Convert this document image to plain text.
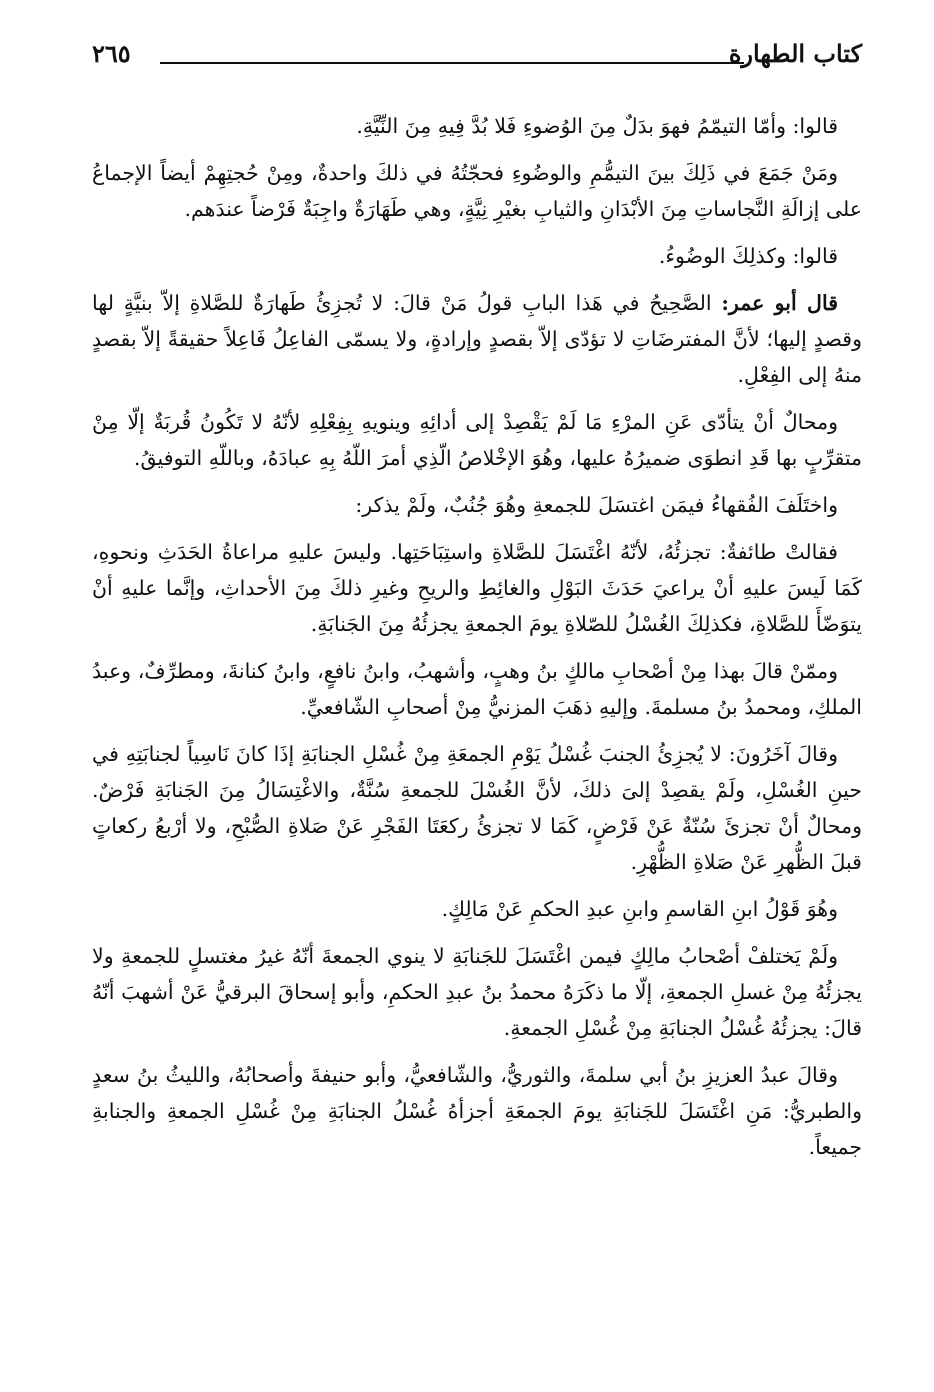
كتاب الطهارة
٢٦٥

قالوا: وأمّا التيمّمُ فهوَ بدَلٌ مِنَ الوُضوءِ فَلا بُدَّ فِيهِ مِنَ النِّيَّةِ.

ومَنْ جَمَعَ في ذَلِكَ بينَ التيمُّمِ والوضُوءِ فحجّتُهُ في ذلكَ واحدةٌ، ومِنْ حُجتِهِمْ أيضاً الإجماعُ على إزالَةِ النَّجاساتِ مِنَ الأبْدَانِ والثيابِ بغيْرِ نِيَّةٍ، وهي طَهَارَةٌ واجِبَةٌ فَرْضاً عندَهم.

قالوا: وكذلِكَ الوضُوءُ.

قال أبو عمر: الصَّحِيحُ في هَذا البابِ قولُ مَنْ قالَ: لا تُجزِئُ طَهارَةٌ للصَّلاةِ إلاّ بنيَّةٍ لها وقصدٍ إليها؛ لأنَّ المفترضَاتِ لا تؤدّى إلاّ بقصدٍ وإرادةٍ، ولا يسمّى الفاعِلُ فَاعِلاً حقيقةً إلاّ بقصدٍ منهُ إلى الفِعْلِ.

ومحالٌ أنْ يتأدّى عَنِ المرْءِ مَا لَمْ يَقْصِدْ إلى أدائِهِ وينويهِ بِفِعْلِهِ لأنّهُ لا تَكُونُ قُربَةٌ إلّا مِنْ متقرِّبٍ بها قَدِ انطوَى ضميرُهُ عليها، وهُوَ الإخْلاصُ الّذِي أمرَ اللّهُ بِهِ عبادَهُ، وباللّهِ التوفيقُ.

واختَلَفَ الفُقهاءُ فيمَن اغتسَلَ للجمعةِ وهُوَ جُنُبٌ، ولَمْ يذكر:

فقالتْ طائفةٌ: تجزئُهُ، لأنّهُ اغْتَسَلَ للصَّلاةِ واستِبَاحَتِها. وليسَ عليهِ مراعاةُ الحَدَثِ ونحوهِ، كَمَا لَيسَ عليهِ أنْ يراعيَ حَدَثَ البَوْلِ والغائِطِ والريحِ وغيرِ ذلكَ مِنَ الأحداثِ، وإنَّما عليهِ أنْ يتوَضّأَ للصَّلاةِ، فكذلِكَ الغُسْلُ للصّلاةِ يومَ الجمعةِ يجزئُهُ مِنَ الجَنابَةِ.

وممّنْ قالَ بهذا مِنْ أصْحابِ مالكٍ بنُ وهبٍ، وأشهبُ، وابنُ نافعٍ، وابنُ كنانةَ، ومطرِّفٌ، وعبدُ الملكِ، ومحمدُ بنُ مسلمةَ. وإليهِ ذهَبَ المزنيُّ مِنْ أصحابِ الشّافعيِّ.

وقالَ آخَرُونَ: لا يُجزِئُ الجنبَ غُسْلُ يَوْمِ الجمعَةِ مِنْ غُسْلِ الجنابَةِ إذَا كانَ نَاسِياً لجنابَتِهِ في حينِ الغُسْلِ، ولَمْ يقصِدْ إلىَ ذلكَ، لأنَّ الغُسْلَ للجمعةِ سُنَّةٌ، والاغْتِسَالُ مِنَ الجَنابَةِ فَرْضٌ. ومحالٌ أنْ تجزئَ سُنّةٌ عَنْ فَرْضٍ، كَمَا لا تجزئُ ركعَتَا الفَجْرِ عَنْ صَلاةِ الصُّبْحِ، ولا أرْبعُ ركعاتٍ قبلَ الظُّهرِ عَنْ صَلاةِ الظُّهْرِ.

وهُوَ قَوْلُ ابنِ القاسمِ وابنِ عبدِ الحكمِ عَنْ مَالِكٍ.

ولَمْ يَختلفْ أصْحابُ مالِكٍ فيمن اغْتَسَلَ للجَنابَةِ لا ينوي الجمعةَ أنّهُ غيرُ مغتسلٍ للجمعةِ ولا يجزئُهُ مِنْ غسلِ الجمعةِ، إلّا ما ذكَرَهُ محمدُ بنُ عبدِ الحكمِ، وأبو إسحاقَ البرقيُّ عَنْ أشهبَ أنّهُ قالَ: يجزئُهُ غُسْلُ الجنابَةِ مِنْ غُسْلِ الجمعةِ.

وقالَ عبدُ العزيزِ بنُ أبي سلمةَ، والثوريُّ، والشّافعيُّ، وأبو حنيفةَ وأصحابُهُ، والليثُ بنُ سعدٍ والطبريُّ: مَنِ اغْتَسَلَ للجَنابَةِ يومَ الجمعَةِ أجزأهُ غُسْلُ الجنابَةِ مِنْ غُسْلِ الجمعةِ والجنابةِ جميعاً.
